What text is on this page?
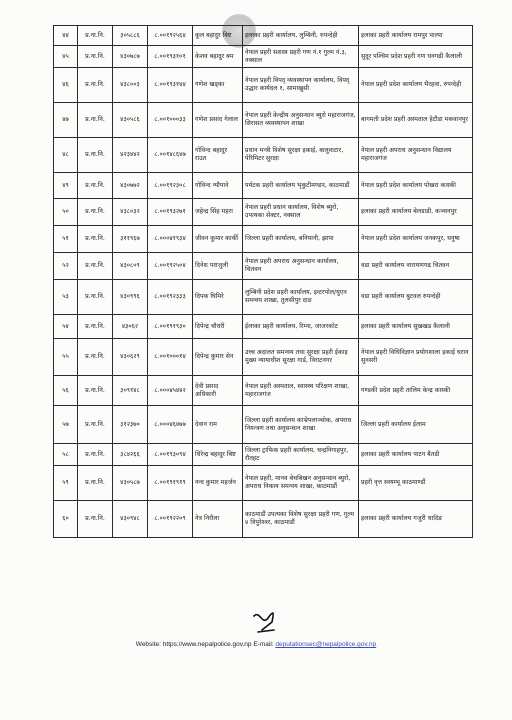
४४	प्र.ना.नि.	३०५८८६	८.००१९२५६४	कुल बहादुर बिष्ट	इलाका प्रहरी कार्यालय, लुम्बिनी, रुपन्देही	इलाका प्रहरी कार्यालय रामपुर पाल्पा
४५	प्र.ना.नि.	४३०७८७	८.००१९३१०१	केशव बहादुर बम	नेपाल प्रहरी सशस्त्र प्रहरी गण नं.१ गुल्म नं.३, नक्साल	सुदूर पश्चिम प्रदेश प्रहरी गण धनगढी कैलाली
४६	प्र.ना.नि.	४३८००३	८.००१९३१४४	गणेश खड्का	नेपाल प्रहरी विपद् व्यवस्थापन कार्यालय, विपद् उद्धार कार्यदल १, सामाखुसी	नेपाल प्रहरी प्रदेश कार्यालय भैरहवा, रुपन्देही
४७	प्र.ना.नि.	४३०५८६	८.००१०००३३	गणेश प्रसाद गेलाल	नेपाल प्रहरी केन्द्रीय अनुसन्धान ब्युरो महाराजगंज, सिरासत व्यवस्थापन शाखा	बागमती प्रदेश प्रहरी अस्पताल हेटौडा मकवानपुर
४८	प्र.ना.नि.	४२३४४२	८.००१४८६४७	गोविन्द बहादुर राउत	प्रधान मन्त्री विशेष सुरक्षा इकाई, बालुवाटार, पेरिमिटर सुरक्षा	नेपाल प्रहरी अपराध अनुसन्धान विद्यालय महाराजगंज
४९	प्र.ना.नि.	४३०७७२	८.००१९२३०८	गोविन्द न्यौपाने	पर्यटक प्रहरी कार्यालय भृकुटीमण्डप, काठमाडौं	नेपाल प्रहरी प्रदेश कार्यालय पोखरा कास्की
५०	प्र.ना.नि.	४३८०३२	८.००१९३२७१	जहेन्द्र सिंह महरा	नेपाल प्रहरी प्रधान कार्यालय, विशेष ब्युरो, उपत्यका सेक्टर, नक्साल	इलाका प्रहरी कार्यालय बेलडाडी, कञ्चनपुर
५१	प्र.ना.नि.	३११९६७	८.०००४१९३४	जीवन कुमार कार्की	जिल्ला प्रहरी कार्यालय, बनियानी, झापा	नेपाल प्रहरी प्रदेश कार्यालय जनकपुर, धनुषा
५२	प्र.ना.नि.	४३०८०९	८.००१९२५०४	दिनेश पराजुली	नेपाल प्रहरी अपराध अनुसन्धान कार्यालय, चितवन	वडा प्रहरी कार्यालय नारायणगढ चितवन
५३	प्र.ना.नि.	४३०९९६	८.००१९२३३३	दिपक घिमिरे	लुम्बिनी प्रदेश प्रहरी कार्यालय, इन्टरपोल/युएन समन्वय शाखा, तुलसीपुर दाङ	वडा प्रहरी कार्यालय बुटवल रुपन्देही
५४	प्र.ना.नि.	४३०६२	८.००१९१९३०	दिपेन्द्र चौधरी	ईलाका प्रहरी कार्यालय, रिम्ना, जाजरकोट	इलाका प्रहरी कार्यालय सुखखड कैलाली
५५	प्र.ना.नि.	४३०६२९	८.००१०००१४	दिपेन्द्र कुमार सेन	उच्च अदालत समन्वय तथा सुरक्षा प्रहरी ईकाइ मुख्य न्यायाधीश सुरक्षा गार्ड, विराटनगर	नेपाल प्रहरी विधिविज्ञान प्रयोगशाला इकाई धरान सुनसरी
५६	प्र.ना.नि.	३०९१४८	८.०००४५४४२	देवी प्रसाद अधिकारी	नेपाल प्रहरी अस्पताल, स्वास्थ्य परिक्षण शाखा, महाराजगंज	गण्डकी प्रदेश प्रहरी तालिम केन्द्र कास्की
५७	प्र.ना.नि.	३१२३७०	८.०००४६४७७	देवान राम	जिल्ला प्रहरी कार्यालय काभ्रेपलाञ्चोक, अपराध नियन्त्रण तथा अनुसन्धान शाखा	जिल्ला प्रहरी कार्यालय ईलाम
५८	प्र.ना.नि.	३८४२६६	८.००१९३०९४	धिरेन्द्र बहादुर बिष्ट	जिल्ला ट्राफिक प्रहरी कार्यालय, चन्द्रनिगाहपुर, रौतहट	इलाका प्रहरी कार्यालय पाटन बैतडी
५९	प्र.ना.नि.	४३०५८७	८.००१९१९१९	नन्द कुमार महर्जन	नेपाल प्रहरी, मानव बेचबिखन अनुसन्धान ब्युरो, अपराध निकाय समन्वय शाखा, काठमाडौं	प्रहरी वृत्त स्वयम्भू काठमाण्डौं
६०	प्र.ना.नि.	४३०९४८	८.००१९२२०९	नेत्र निरौला	काठमाडौं उपत्यका विशेष सुरक्षा प्रहरी गण, गुल्म ४ त्रिपुरेश्वर, काठमाडौं	इलाका प्रहरी कार्यालय गजुरी धादिङ
Website: https://www.nepalpolice.gov.np E-mail: deputationsec@nepalpolice.gov.np
